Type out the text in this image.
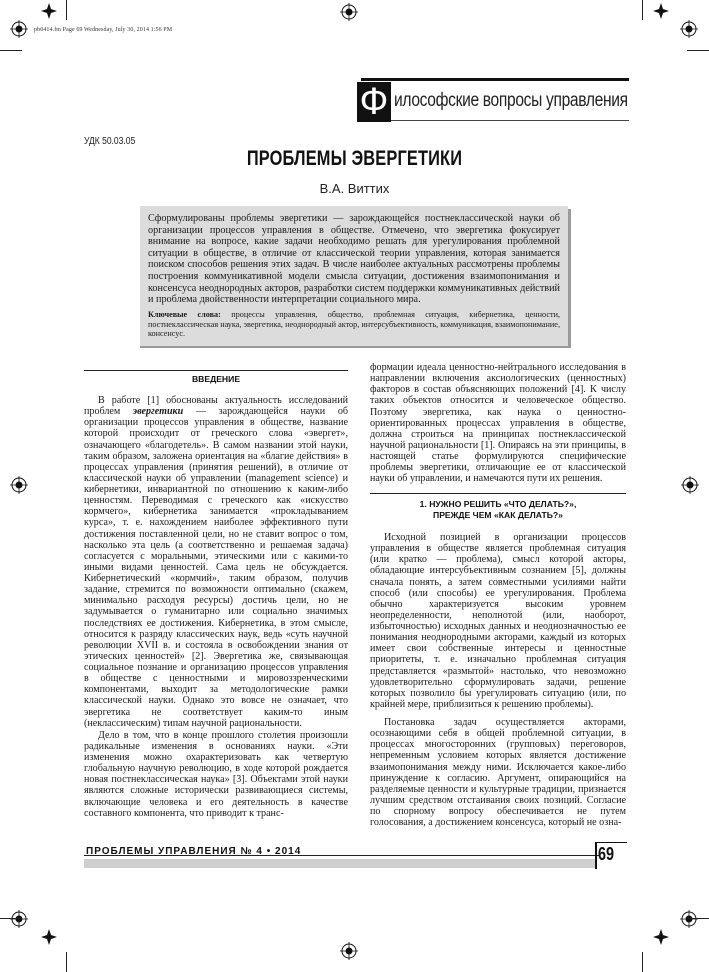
pb0414.fm Page 69 Wednesday, July 30, 2014 1:56 PM
Ф илософские вопросы управления
УДК 50.03.05
ПРОБЛЕМЫ ЭВЕРГЕТИКИ
В.А. Виттих
Сформулированы проблемы эвергетики — зарождающейся постнеклассической науки об организации процессов управления в обществе. Отмечено, что эвергетика фокусирует внимание на вопросе, какие задачи необходимо решать для урегулирования проблемной ситуации в обществе, в отличие от классической теории управления, которая занимается поиском способов решения этих задач. В числе наиболее актуальных рассмотрены проблемы построения коммуникативной модели смысла ситуации, достижения взаимопонимания и консенсуса неоднородных акторов, разработки систем поддержки коммуникативных действий и проблема двойственности интерпретации социального мира.
Ключевые слова: процессы управления, общество, проблемная ситуация, кибернетика, ценности, постнеклассическая наука, эвергетика, неоднородный актор, интерсубъективность, коммуникация, взаимопонимание, консенсус.
ВВЕДЕНИЕ

В работе [1] обоснованы актуальность исследований проблем эвергетики — зарождающейся науки об организации процессов управления в обществе, название которой происходит от греческого слова «эвергет», означающего «благодетель». В самом названии этой науки, таким образом, заложена ориентация на «благие действия» в процессах управления (принятия решений), в отличие от классической науки об управлении (management science) и кибернетики, инвариантной по отношению к каким-либо ценностям. Переводимая с греческого как «искусство кормчего», кибернетика занимается «прокладыванием курса», т. е. нахождением наиболее эффективного пути достижения поставленной цели, но не ставит вопрос о том, насколько эта цель (а соответственно и решаемая задача) согласуется с моральными, этическими или с какими-то иными видами ценностей. Сама цель не обсуждается. Кибернетический «кормчий», таким образом, получив задание, стремится по возможности оптимально (скажем, минимально расходуя ресурсы) достичь цели, но не задумывается о гуманитарно или социально значимых последствиях ее достижения. Кибернетика, в этом смысле, относится к разряду классических наук, ведь «суть научной революции XVII в. и состояла в освобождении знания от этических ценностей» [2]. Эвергетика же, связывающая социальное познание и организацию процессов управления в обществе с ценностными и мировоззренческими компонентами, выходит за методологические рамки классической науки. Однако это вовсе не означает, что эвергетика не соответствует каким-то иным (неклассическим) типам научной рациональности.

Дело в том, что в конце прошлого столетия произошли радикальные изменения в основаниях науки. «Эти изменения можно охарактеризовать как четвертую глобальную научную революцию, в ходе которой рождается новая постнеклассическая наука» [3]. Объектами этой науки являются сложные исторически развивающиеся системы, включающие человека и его деятельность в качестве составного компонента, что приводит к транс-

формации идеала ценностно-нейтрального исследования в направлении включения аксиологических (ценностных) факторов в состав объясняющих положений [4]. К числу таких объектов относится и человеческое общество. Поэтому эвергетика, как наука о ценностно-ориентированных процессах управления в обществе, должна строиться на принципах постнеклассической научной рациональности [1]. Опираясь на эти принципы, в настоящей статье формулируются специфические проблемы эвергетики, отличающие ее от классической науки об управлении, и намечаются пути их решения.

1. НУЖНО РЕШИТЬ «ЧТО ДЕЛАТЬ?»,
ПРЕЖДЕ ЧЕМ «КАК ДЕЛАТЬ?»

Исходной позицией в организации процессов управления в обществе является проблемная ситуация (или кратко — проблема), смысл которой акторы, обладающие интерсубъективным сознанием [5], должны сначала понять, а затем совместными усилиями найти способ (или способы) ее урегулирования. Проблема обычно характеризуется высоким уровнем неопределенности, неполнотой (или, наоборот, избыточностью) исходных данных и неоднозначностью ее понимания неоднородными акторами, каждый из которых имеет свои собственные интересы и ценностные приоритеты, т. е. изначально проблемная ситуация представляется «размытой» настолько, что невозможно удовлетворительно сформулировать задачи, решение которых позволило бы урегулировать ситуацию (или, по крайней мере, приблизиться к решению проблемы).

Постановка задач осуществляется акторами, осознающими себя в общей проблемной ситуации, в процессах многосторонних (групповых) переговоров, непременным условием которых является достижение взаимопонимания между ними. Исключается какое-либо принуждение к согласию. Аргумент, опирающийся на разделяемые ценности и культурные традиции, признается лучшим средством отстаивания своих позиций. Согласие по спорному вопросу обеспечивается не путем голосования, а достижением консенсуса, который не озна-

ПРОБЛЕМЫ УПРАВЛЕНИЯ № 4 • 2014	69
